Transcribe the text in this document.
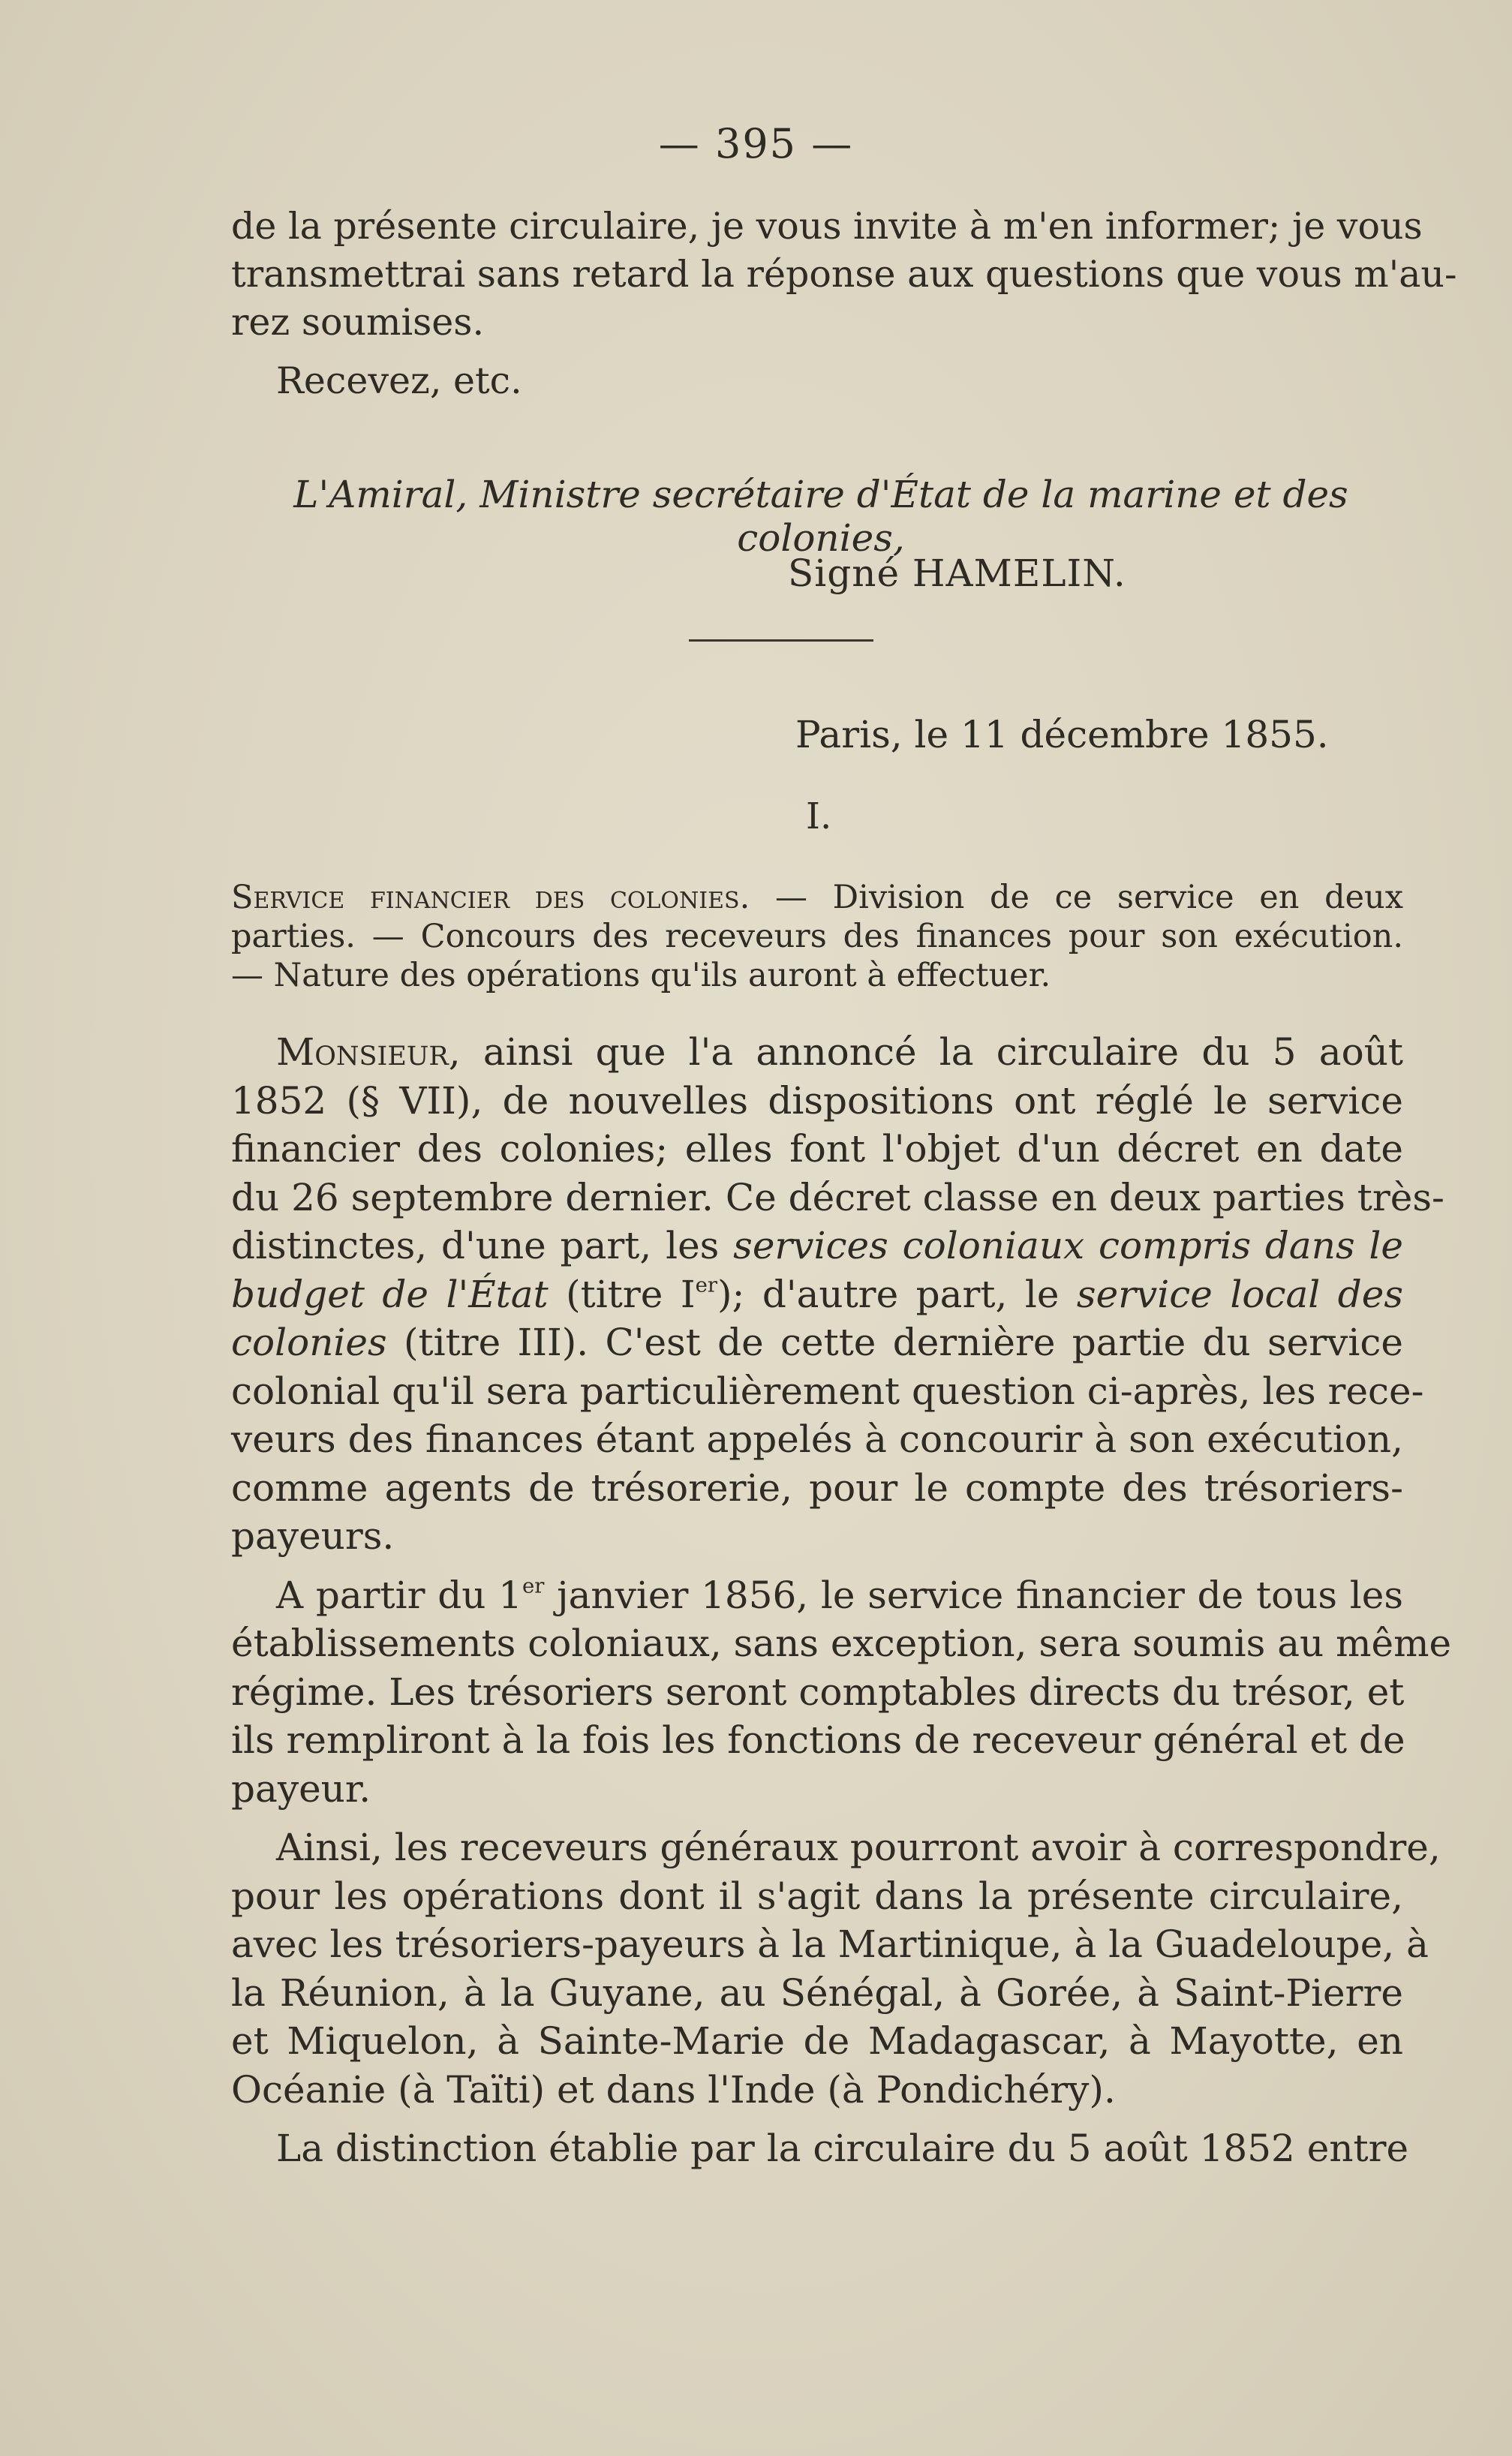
— 395 —
de la présente circulaire, je vous invite à m'en informer; je vous
transmettrai sans retard la réponse aux questions que vous m'au-
rez soumises.
Recevez, etc.
L'Amiral, Ministre secrétaire d'État de la marine et des colonies,
Signé HAMELIN.
Paris, le 11 décembre 1855.
I.
Service financier des colonies. — Division de ce service en deux
parties. — Concours des receveurs des finances pour son exécution.
— Nature des opérations qu'ils auront à effectuer.
Monsieur, ainsi que l'a annoncé la circulaire du 5 août
1852 (§ VII), de nouvelles dispositions ont réglé le service
financier des colonies; elles font l'objet d'un décret en date
du 26 septembre dernier. Ce décret classe en deux parties très-
distinctes, d'une part, les services coloniaux compris dans le
budget de l'État (titre Ier); d'autre part, le service local des
colonies (titre III). C'est de cette dernière partie du service
colonial qu'il sera particulièrement question ci-après, les rece-
veurs des finances étant appelés à concourir à son exécution,
comme agents de trésorerie, pour le compte des trésoriers-
payeurs.
A partir du 1er janvier 1856, le service financier de tous les
établissements coloniaux, sans exception, sera soumis au même
régime. Les trésoriers seront comptables directs du trésor, et
ils rempliront à la fois les fonctions de receveur général et de
payeur.
Ainsi, les receveurs généraux pourront avoir à correspondre,
pour les opérations dont il s'agit dans la présente circulaire,
avec les trésoriers-payeurs à la Martinique, à la Guadeloupe, à
la Réunion, à la Guyane, au Sénégal, à Gorée, à Saint-Pierre
et Miquelon, à Sainte-Marie de Madagascar, à Mayotte, en
Océanie (à Taïti) et dans l'Inde (à Pondichéry).
La distinction établie par la circulaire du 5 août 1852 entre
